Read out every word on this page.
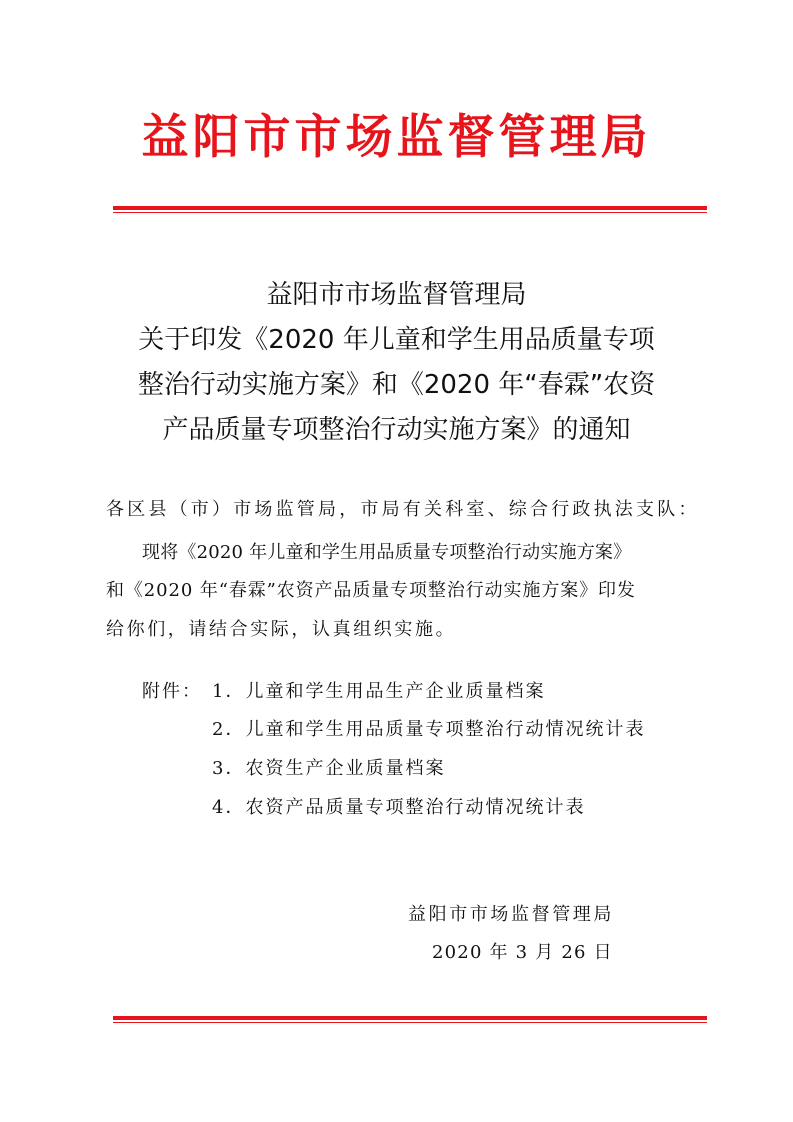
益阳市市场监督管理局
益阳市市场监督管理局
关于印发《2020 年儿童和学生用品质量专项
整治行动实施方案》和《2020 年“春霖”农资
产品质量专项整治行动实施方案》的通知
各区县（市）市场监管局，市局有关科室、综合行政执法支队：
现将《2020 年儿童和学生用品质量专项整治行动实施方案》
和《2020 年“春霖”农资产品质量专项整治行动实施方案》印发
给你们，请结合实际，认真组织实施。
附件： 1．儿童和学生用品生产企业质量档案
2．儿童和学生用品质量专项整治行动情况统计表
3．农资生产企业质量档案
4．农资产品质量专项整治行动情况统计表
益阳市市场监督管理局
2020 年 3 月 26 日
